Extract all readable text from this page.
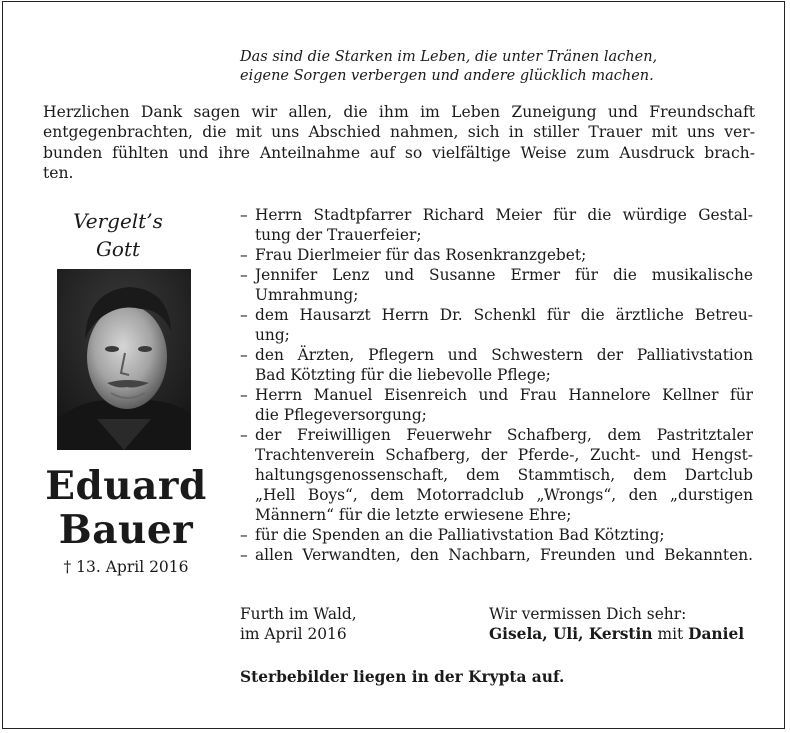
Das sind die Starken im Leben, die unter Tränen lachen,
eigene Sorgen verbergen und andere glücklich machen.
Herzlichen Dank sagen wir allen, die ihm im Leben Zuneigung und Freundschaft
entgegenbrachten, die mit uns Abschied nahmen, sich in stiller Trauer mit uns ver-
bunden fühlten und ihre Anteilnahme auf so vielfältige Weise zum Ausdruck brach-
ten.
Vergelt’s
Gott
Eduard
Bauer
† 13. April 2016
– Herrn Stadtpfarrer Richard Meier für die würdige Gestal-
tung der Trauerfeier;
– Frau Dierlmeier für das Rosenkranzgebet;
– Jennifer Lenz und Susanne Ermer für die musikalische
Umrahmung;
– dem Hausarzt Herrn Dr. Schenkl für die ärztliche Betreu-
ung;
– den Ärzten, Pflegern und Schwestern der Palliativstation
Bad Kötzting für die liebevolle Pflege;
– Herrn Manuel Eisenreich und Frau Hannelore Kellner für
die Pflegeversorgung;
– der Freiwilligen Feuerwehr Schafberg, dem Pastritztaler
Trachtenverein Schafberg, der Pferde-, Zucht- und Hengst-
haltungsgenossenschaft, dem Stammtisch, dem Dartclub
„Hell Boys“, dem Motorradclub „Wrongs“, den „durstigen
Männern“ für die letzte erwiesene Ehre;
– für die Spenden an die Palliativstation Bad Kötzting;
– allen Verwandten, den Nachbarn, Freunden und Bekannten.
Furth im Wald,
im April 2016
Wir vermissen Dich sehr:
Gisela, Uli, Kerstin mit Daniel
Sterbebilder liegen in der Krypta auf.
